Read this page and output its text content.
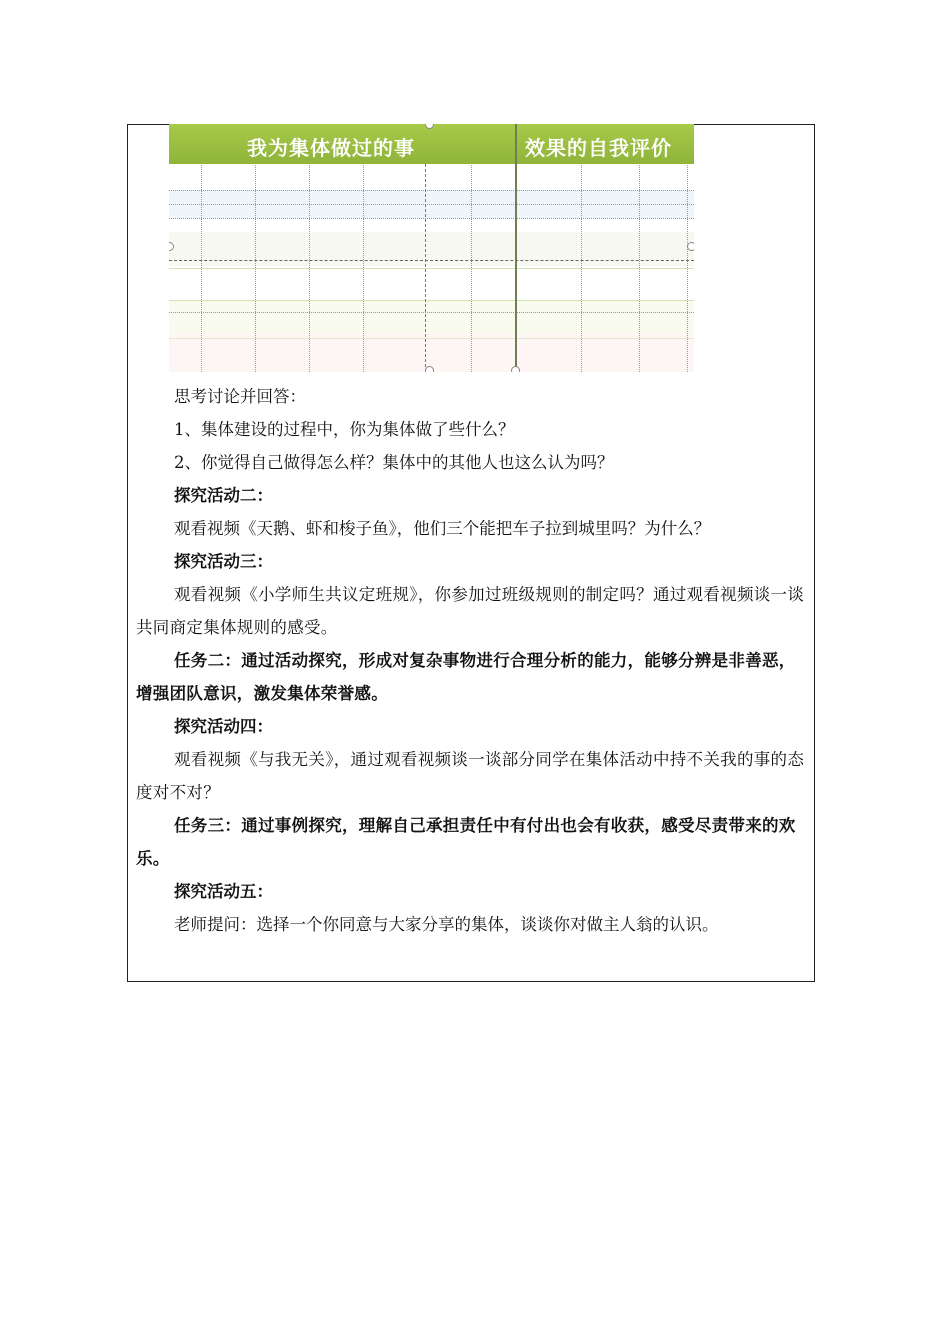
我为集体做过的事	效果的自我评价

思考讨论并回答：

1、集体建设的过程中，你为集体做了些什么？

2、你觉得自己做得怎么样？集体中的其他人也这么认为吗？

探究活动二：

观看视频《天鹅、虾和梭子鱼》，他们三个能把车子拉到城里吗？为什么？

探究活动三：

观看视频《小学师生共议定班规》，你参加过班级规则的制定吗？通过观看视频谈一谈共同商定集体规则的感受。

任务二：通过活动探究，形成对复杂事物进行合理分析的能力，能够分辨是非善恶，增强团队意识，激发集体荣誉感。

探究活动四：

观看视频《与我无关》，通过观看视频谈一谈部分同学在集体活动中持不关我的事的态度对不对？

任务三：通过事例探究，理解自己承担责任中有付出也会有收获，感受尽责带来的欢乐。

探究活动五：

老师提问：选择一个你同意与大家分享的集体，谈谈你对做主人翁的认识。
